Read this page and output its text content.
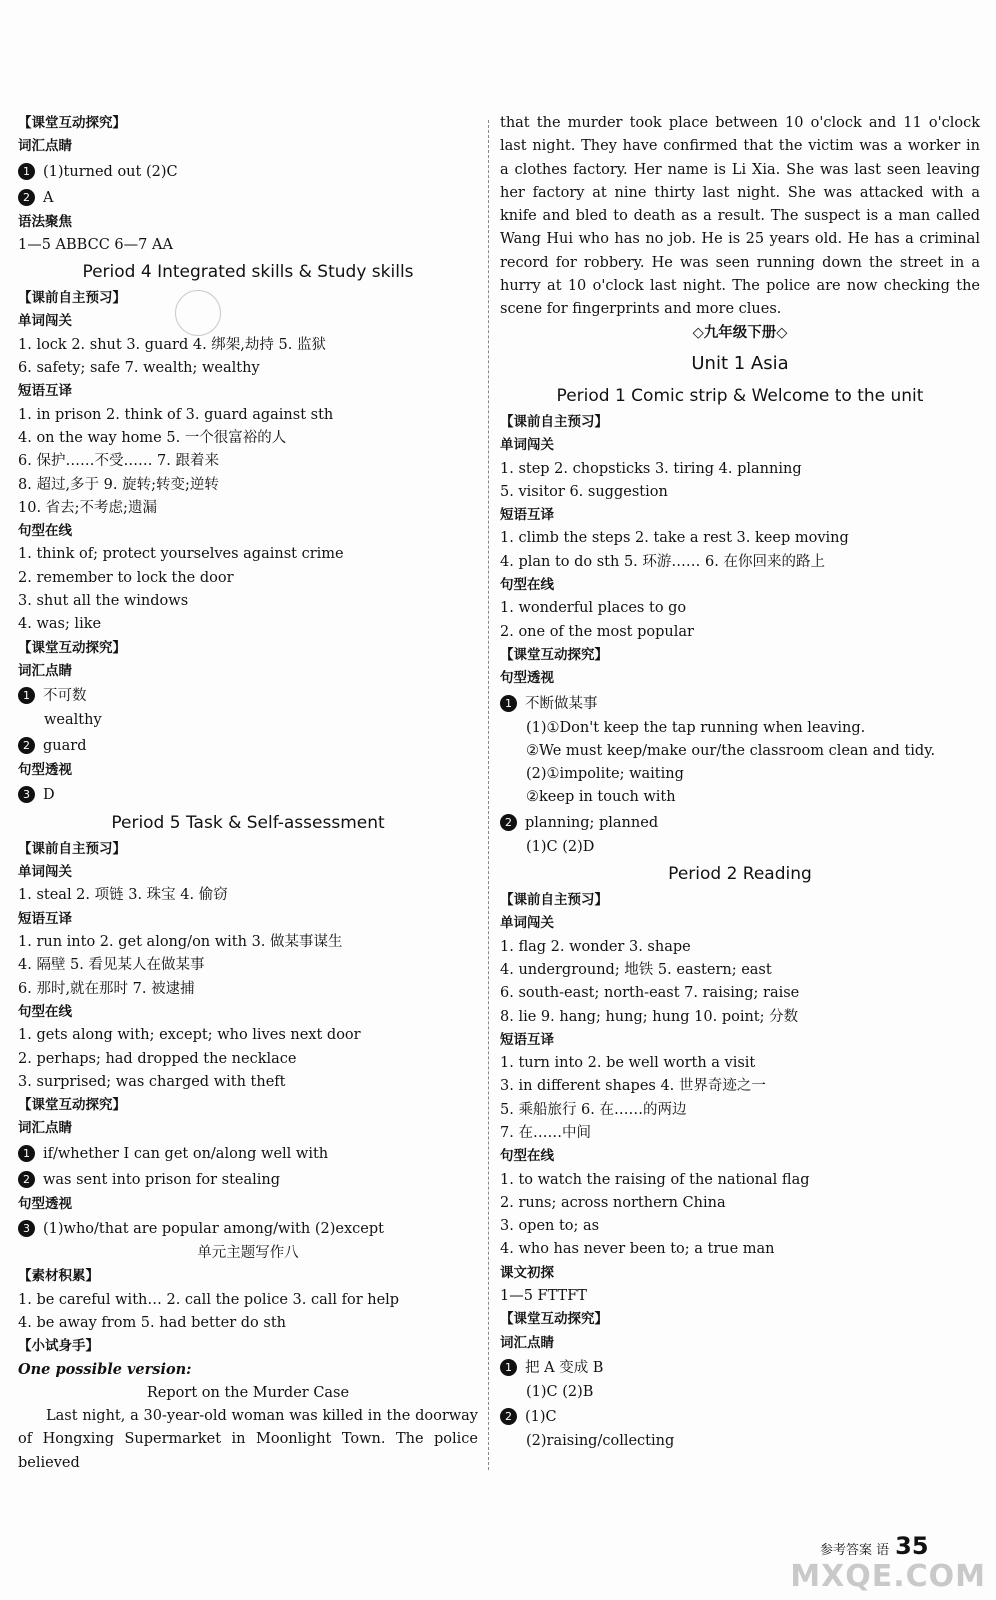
【课堂互动探究】
词汇点睛
1 (1)turned out (2)C
2 A
语法聚焦
1—5 ABBCC 6—7 AA
Period 4 Integrated skills & Study skills
【课前自主预习】
单词闯关
1. lock 2. shut 3. guard 4. 绑架,劫持 5. 监狱
6. safety; safe 7. wealth; wealthy
短语互译
1. in prison 2. think of 3. guard against sth
4. on the way home 5. 一个很富裕的人
6. 保护……不受…… 7. 跟着来
8. 超过,多于 9. 旋转;转变;逆转
10. 省去;不考虑;遗漏
句型在线
1. think of; protect yourselves against crime
2. remember to lock the door
3. shut all the windows
4. was; like
【课堂互动探究】
词汇点睛
1 不可数
wealthy
2 guard
句型透视
3 D
Period 5 Task & Self-assessment
【课前自主预习】
单词闯关
1. steal 2. 项链 3. 珠宝 4. 偷窃
短语互译
1. run into 2. get along/on with 3. 做某事谋生
4. 隔壁 5. 看见某人在做某事
6. 那时,就在那时 7. 被逮捕
句型在线
1. gets along with; except; who lives next door
2. perhaps; had dropped the necklace
3. surprised; was charged with theft
【课堂互动探究】
词汇点睛
1 if/whether I can get on/along well with
2 was sent into prison for stealing
句型透视
3 (1)who/that are popular among/with (2)except
单元主题写作八
【素材积累】
1. be careful with… 2. call the police 3. call for help
4. be away from 5. had better do sth
【小试身手】
One possible version:
Report on the Murder Case
Last night, a 30-year-old woman was killed in the doorway of Hongxing Supermarket in Moonlight Town. The police believed
that the murder took place between 10 o'clock and 11 o'clock last night. They have confirmed that the victim was a worker in a clothes factory. Her name is Li Xia. She was last seen leaving her factory at nine thirty last night. She was attacked with a knife and bled to death as a result. The suspect is a man called Wang Hui who has no job. He is 25 years old. He has a criminal record for robbery. He was seen running down the street in a hurry at 10 o'clock last night. The police are now checking the scene for fingerprints and more clues.
◇九年级下册◇
Unit 1 Asia
Period 1 Comic strip & Welcome to the unit
【课前自主预习】
单词闯关
1. step 2. chopsticks 3. tiring 4. planning
5. visitor 6. suggestion
短语互译
1. climb the steps 2. take a rest 3. keep moving
4. plan to do sth 5. 环游…… 6. 在你回来的路上
句型在线
1. wonderful places to go
2. one of the most popular
【课堂互动探究】
句型透视
1 不断做某事
(1)①Don't keep the tap running when leaving.
②We must keep/make our/the classroom clean and tidy.
(2)①impolite; waiting
②keep in touch with
2 planning; planned
(1)C (2)D
Period 2 Reading
【课前自主预习】
单词闯关
1. flag 2. wonder 3. shape
4. underground; 地铁 5. eastern; east
6. south-east; north-east 7. raising; raise
8. lie 9. hang; hung; hung 10. point; 分数
短语互译
1. turn into 2. be well worth a visit
3. in different shapes 4. 世界奇迹之一
5. 乘船旅行 6. 在……的两边
7. 在……中间
句型在线
1. to watch the raising of the national flag
2. runs; across northern China
3. open to; as
4. who has never been to; a true man
课文初探
1—5 FTTFT
【课堂互动探究】
词汇点睛
1 把 A 变成 B
(1)C (2)B
2 (1)C
(2)raising/collecting
参考答案 语 35
MXQE.COM
